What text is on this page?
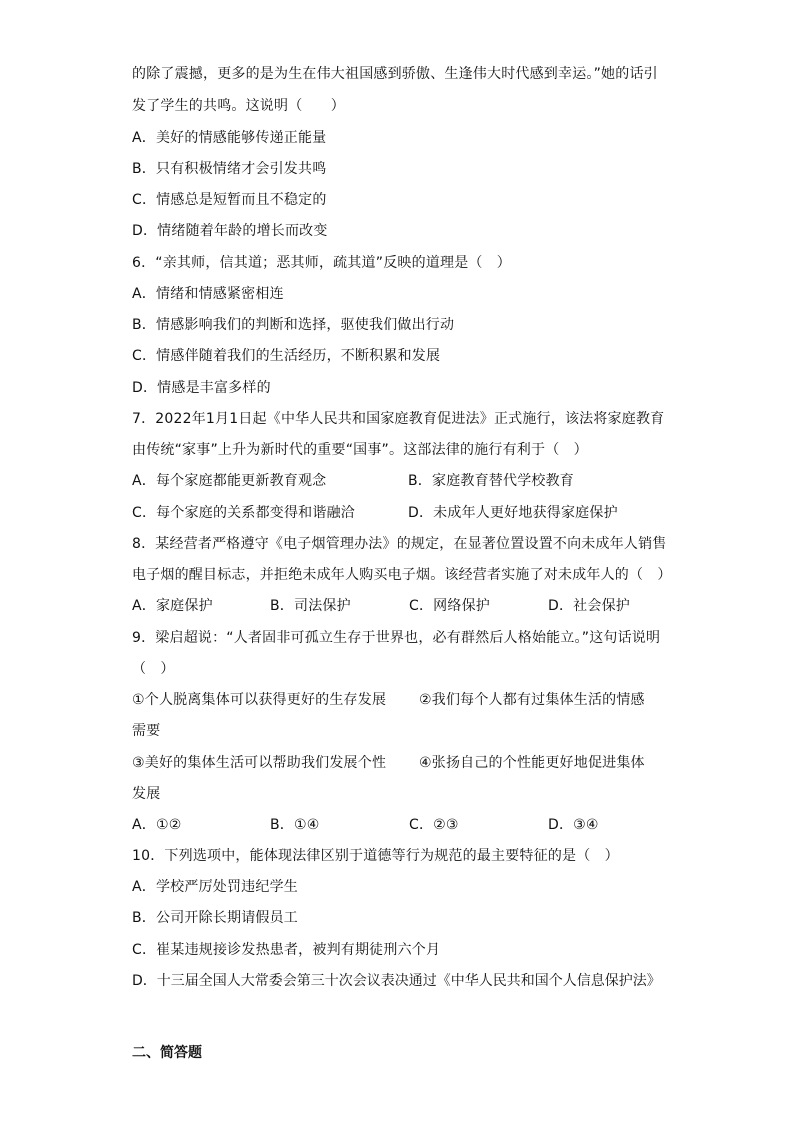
的除了震撼，更多的是为生在伟大祖国感到骄傲、生逢伟大时代感到幸运。”她的话引
发了学生的共鸣。这说明（　　）
A．美好的情感能够传递正能量
B．只有积极情绪才会引发共鸣
C．情感总是短暂而且不稳定的
D．情绪随着年龄的增长而改变
6．“亲其师，信其道；恶其师，疏其道”反映的道理是（　）
A．情绪和情感紧密相连
B．情感影响我们的判断和选择，驱使我们做出行动
C．情感伴随着我们的生活经历，不断积累和发展
D．情感是丰富多样的
7．2022年1月1日起《中华人民共和国家庭教育促进法》正式施行，该法将家庭教育
由传统“家事”上升为新时代的重要“国事”。这部法律的施行有利于（　）
A．每个家庭都能更新教育观念	B．家庭教育替代学校教育
C．每个家庭的关系都变得和谐融洽	D．未成年人更好地获得家庭保护
8．某经营者严格遵守《电子烟管理办法》的规定，在显著位置设置不向未成年人销售
电子烟的醒目标志，并拒绝未成年人购买电子烟。该经营者实施了对未成年人的（　）
A．家庭保护	B．司法保护	C．网络保护	D．社会保护
9．梁启超说：“人者固非可孤立生存于世界也，必有群然后人格始能立。”这句话说明
（　）
①个人脱离集体可以获得更好的生存发展 ②我们每个人都有过集体生活的情感
需要
③美好的集体生活可以帮助我们发展个性 ④张扬自己的个性能更好地促进集体
发展
A．①②	B．①④	C．②③	D．③④
10．下列选项中，能体现法律区别于道德等行为规范的最主要特征的是（　）
A．学校严厉处罚违纪学生
B．公司开除长期请假员工
C．崔某违规接诊发热患者，被判有期徒刑六个月
D．十三届全国人大常委会第三十次会议表决通过《中华人民共和国个人信息保护法》
二、简答题
